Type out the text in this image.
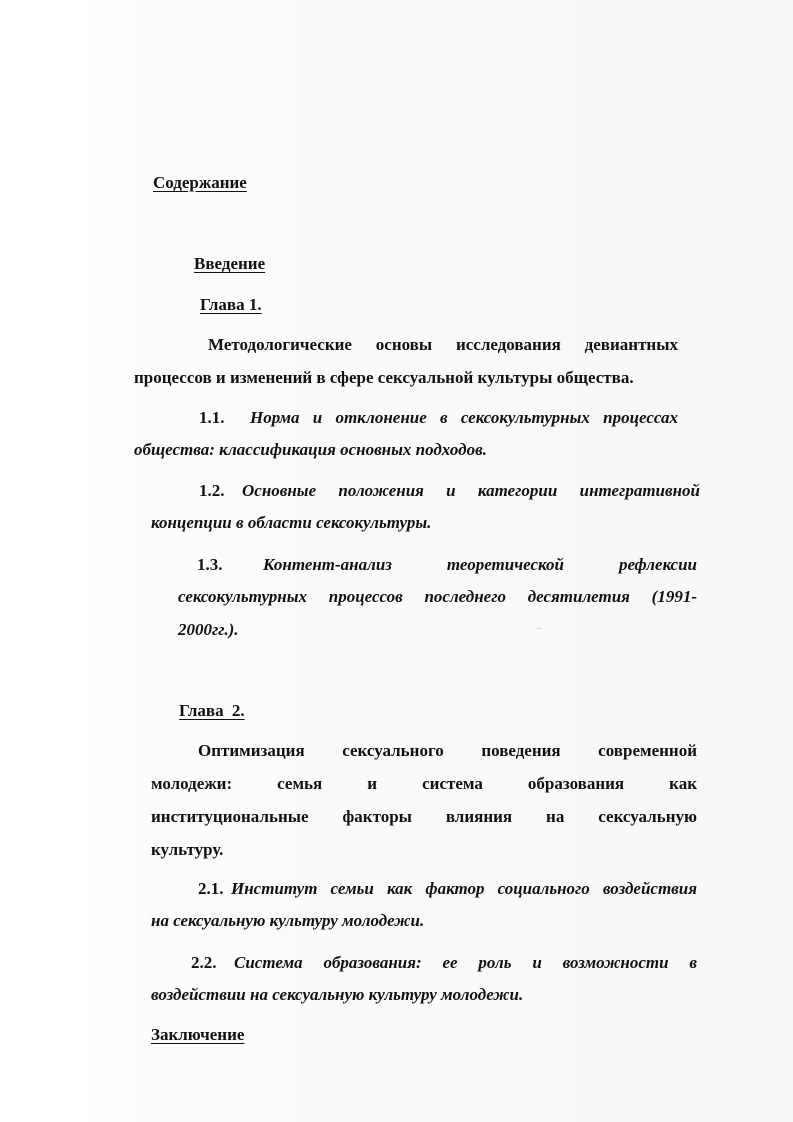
Содержание
Введение
Глава 1.
Методологические основы исследования девиантных
процессов и изменений в сфере сексуальной культуры общества.
1.1. Норма и отклонение в сексокультурных процессах
общества: классификация основных подходов.
1.2. Основные положения и категории интегративной
концепции в области сексокультуры.
1.3. Контент-анализ теоретической рефлексии
сексокультурных процессов последнего десятилетия (1991-
2000гг.).
Глава 2.
Оптимизация сексуального поведения современной
молодежи: семья и система образования как
институциональные факторы влияния на сексуальную
культуру.
2.1. Институт семьи как фактор социального воздействия
на сексуальную культуру молодежи.
2.2. Система образования: ее роль и возможности в
воздействии на сексуальную культуру молодежи.
Заключение
